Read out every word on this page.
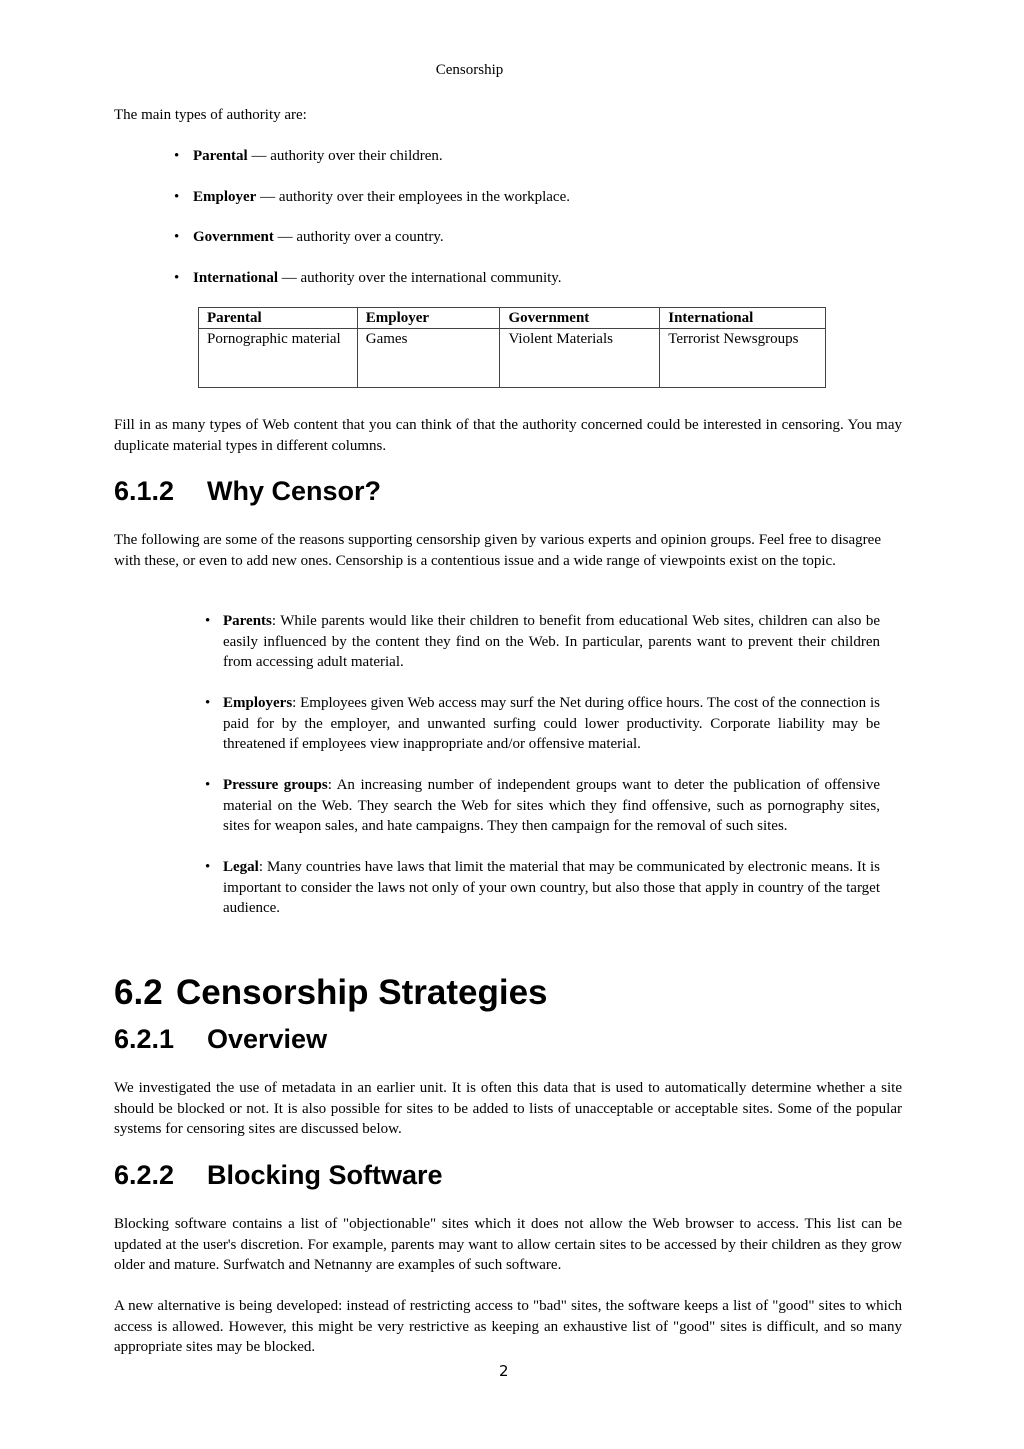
Censorship

The main types of authority are:

• Parental — authority over their children.
• Employer — authority over their employees in the workplace.
• Government — authority over a country.
• International — authority over the international community.
Parental	Employer	Government	International
Pornographic material	Games	Violent Materials	Terrorist Newsgroups

Fill in as many types of Web content that you can think of that the authority concerned could be interested in censoring. You may duplicate material types in different columns.

6.1.2 Why Censor?

The following are some of the reasons supporting censorship given by various experts and opinion groups. Feel free to disagree with these, or even to add new ones. Censorship is a contentious issue and a wide range of viewpoints exist on the topic.

• Parents: While parents would like their children to benefit from educational Web sites, children can also be easily influenced by the content they find on the Web. In particular, parents want to prevent their children from accessing adult material.
• Employers: Employees given Web access may surf the Net during office hours. The cost of the connection is paid for by the employer, and unwanted surfing could lower productivity. Corporate liability may be threatened if employees view inappropriate and/or offensive material.
• Pressure groups: An increasing number of independent groups want to deter the publication of offensive material on the Web. They search the Web for sites which they find offensive, such as pornography sites, sites for weapon sales, and hate campaigns. They then campaign for the removal of such sites.
• Legal: Many countries have laws that limit the material that may be communicated by electronic means. It is important to consider the laws not only of your own country, but also those that apply in country of the target audience.
6.2 Censorship Strategies
6.2.1 Overview

We investigated the use of metadata in an earlier unit. It is often this data that is used to automatically determine whether a site should be blocked or not. It is also possible for sites to be added to lists of unacceptable or acceptable sites. Some of the popular systems for censoring sites are discussed below.

6.2.2 Blocking Software

Blocking software contains a list of "objectionable" sites which it does not allow the Web browser to access. This list can be updated at the user's discretion. For example, parents may want to allow certain sites to be accessed by their children as they grow older and mature. Surfwatch and Netnanny are examples of such software.

A new alternative is being developed: instead of restricting access to "bad" sites, the software keeps a list of "good" sites to which access is allowed. However, this might be very restrictive as keeping an exhaustive list of "good" sites is difficult, and so many appropriate sites may be blocked.

2
